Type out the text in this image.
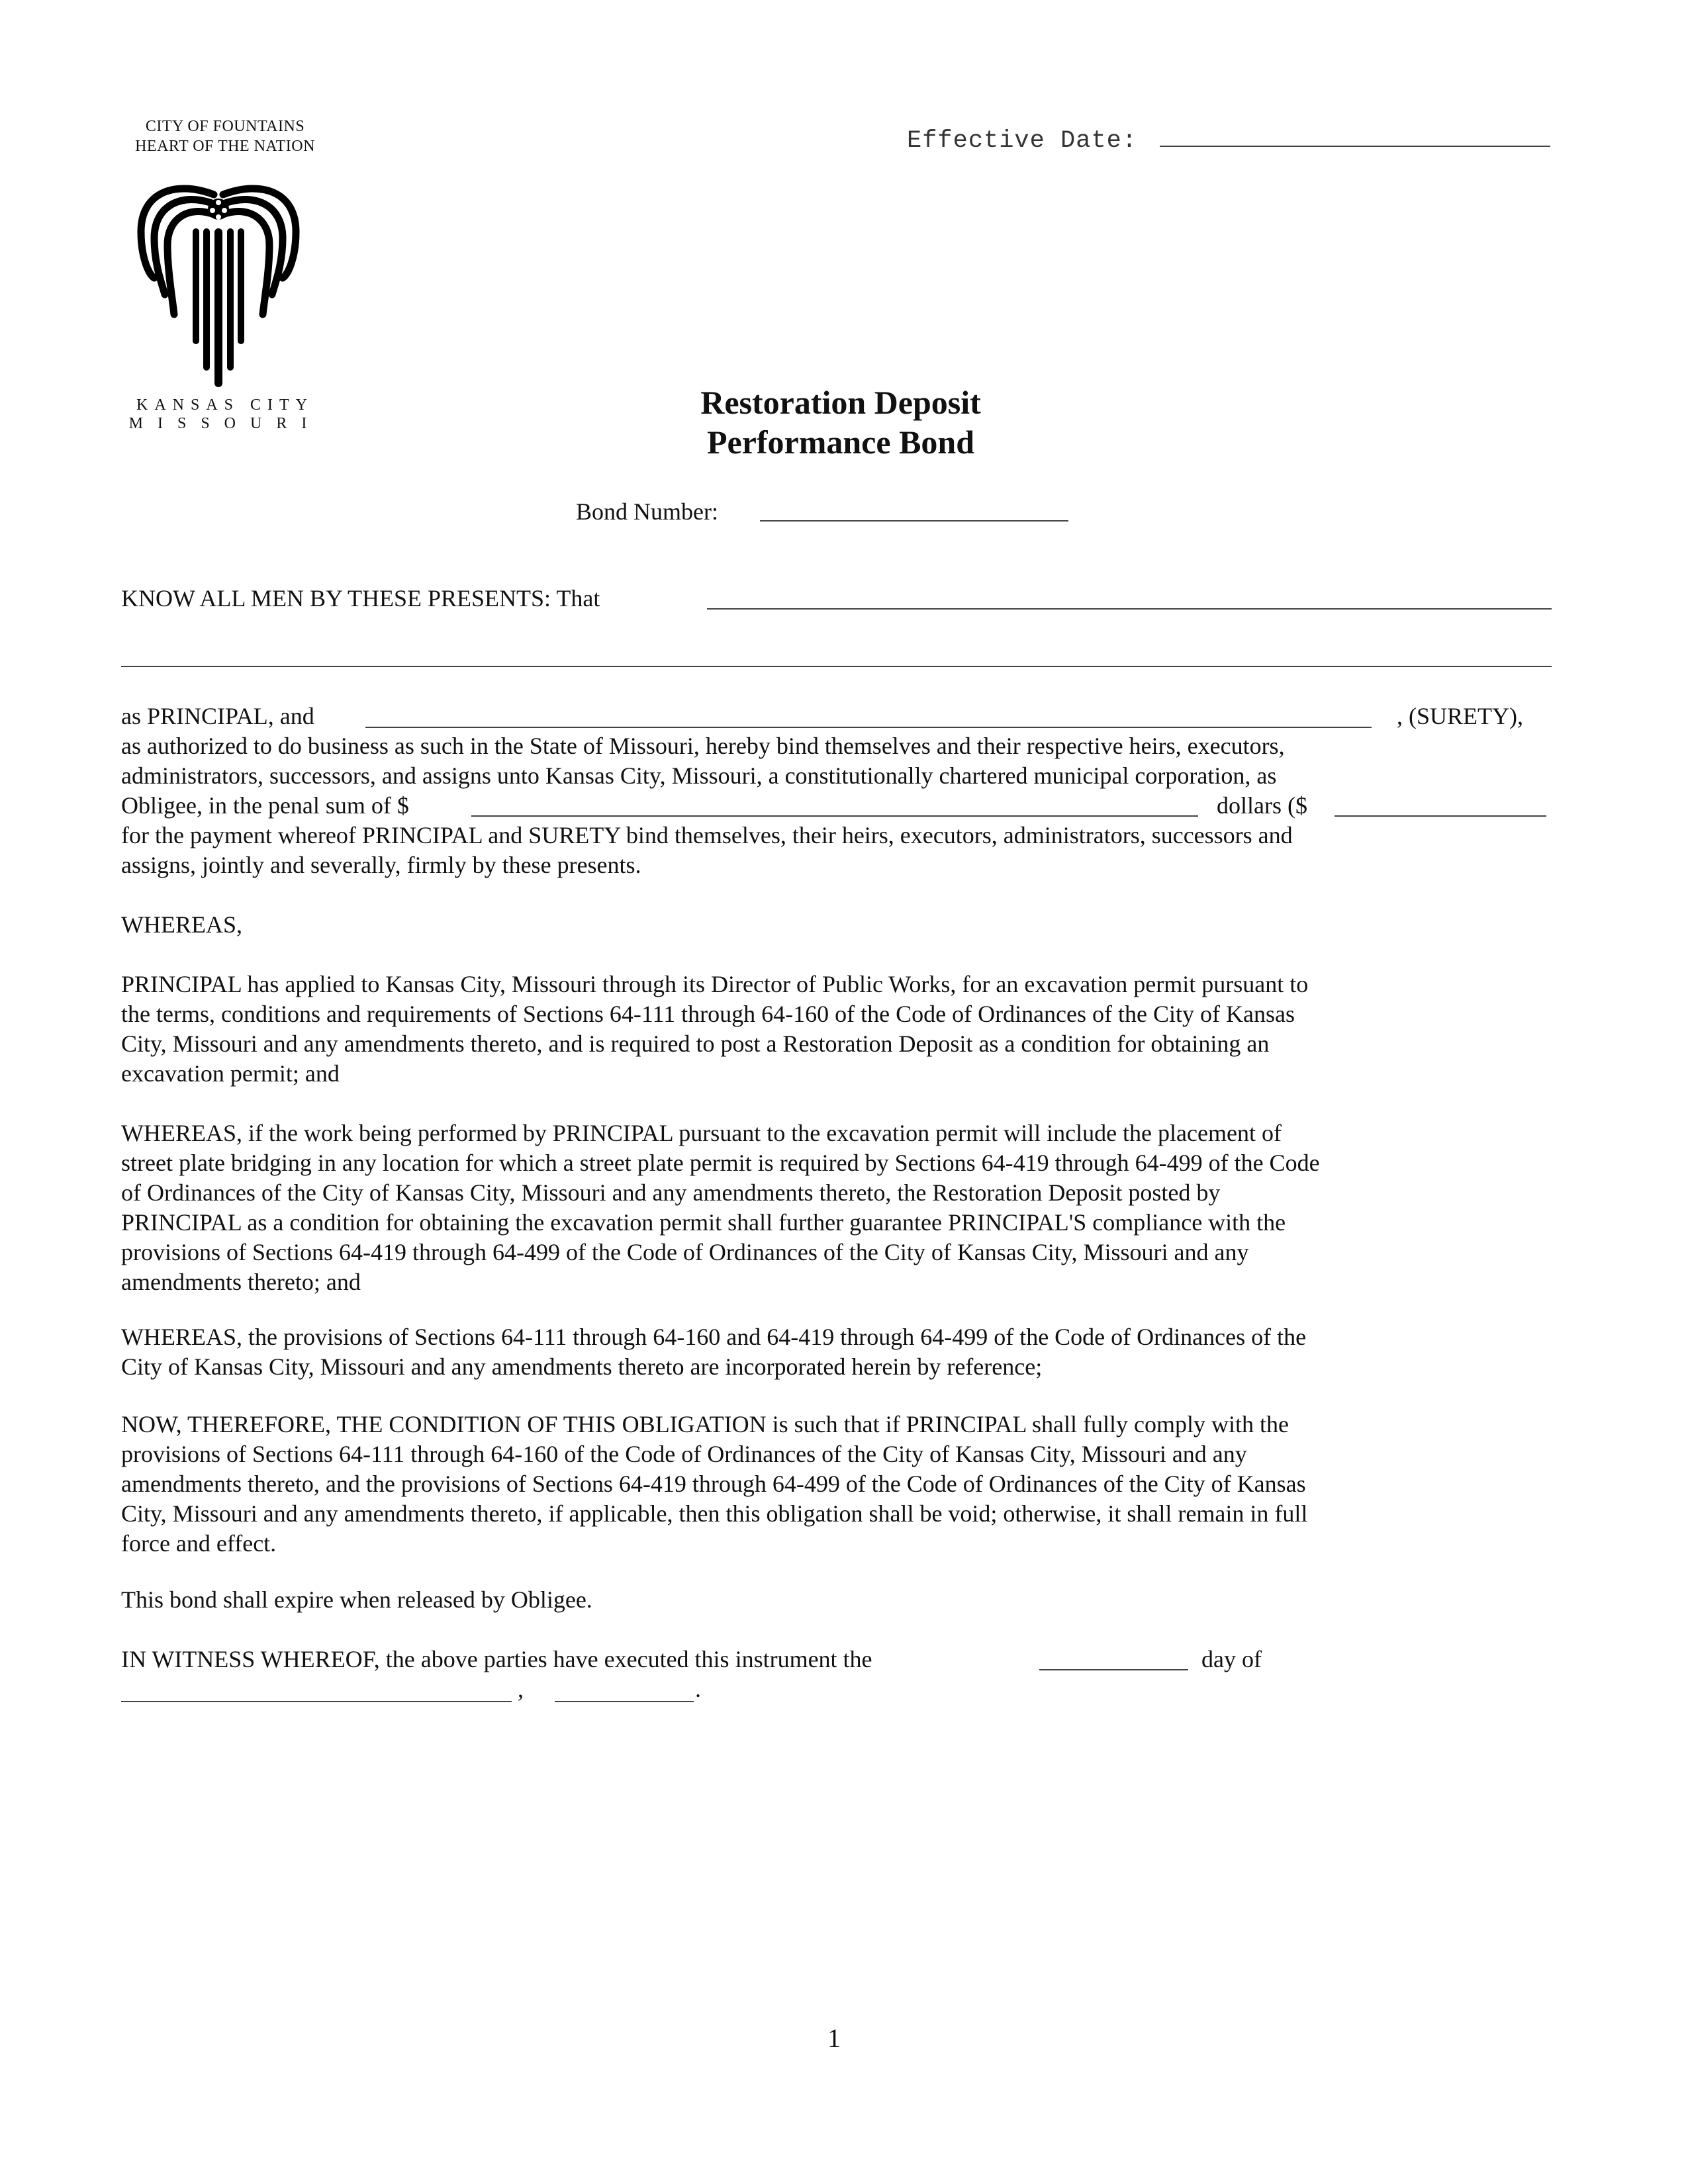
CITY OF FOUNTAINS
HEART OF THE NATION
KANSAS CITY
MISSOURI
Effective Date:
Restoration Deposit
Performance Bond
Bond Number:
KNOW ALL MEN BY THESE PRESENTS: That
as PRINCIPAL, and	, (SURETY),
as authorized to do business as such in the State of Missouri, hereby bind themselves and their respective heirs, executors,
administrators, successors, and assigns unto Kansas City, Missouri, a constitutionally chartered municipal corporation, as
Obligee, in the penal sum of $	dollars ($
for the payment whereof PRINCIPAL and SURETY bind themselves, their heirs, executors, administrators, successors and
assigns, jointly and severally, firmly by these presents.
WHEREAS,
PRINCIPAL has applied to Kansas City, Missouri through its Director of Public Works, for an excavation permit pursuant to
the terms, conditions and requirements of Sections 64-111 through 64-160 of the Code of Ordinances of the City of Kansas
City, Missouri and any amendments thereto, and is required to post a Restoration Deposit as a condition for obtaining an
excavation permit; and
WHEREAS, if the work being performed by PRINCIPAL pursuant to the excavation permit will include the placement of
street plate bridging in any location for which a street plate permit is required by Sections 64-419 through 64-499 of the Code
of Ordinances of the City of Kansas City, Missouri and any amendments thereto, the Restoration Deposit posted by
PRINCIPAL as a condition for obtaining the excavation permit shall further guarantee PRINCIPAL'S compliance with the
provisions of Sections 64-419 through 64-499 of the Code of Ordinances of the City of Kansas City, Missouri and any
amendments thereto; and
WHEREAS, the provisions of Sections 64-111 through 64-160 and 64-419 through 64-499 of the Code of Ordinances of the
City of Kansas City, Missouri and any amendments thereto are incorporated herein by reference;
NOW, THEREFORE, THE CONDITION OF THIS OBLIGATION is such that if PRINCIPAL shall fully comply with the
provisions of Sections 64-111 through 64-160 of the Code of Ordinances of the City of Kansas City, Missouri and any
amendments thereto, and the provisions of Sections 64-419 through 64-499 of the Code of Ordinances of the City of Kansas
City, Missouri and any amendments thereto, if applicable, then this obligation shall be void; otherwise, it shall remain in full
force and effect.
This bond shall expire when released by Obligee.
IN WITNESS WHEREOF, the above parties have executed this instrument the	day of
,	.
1
